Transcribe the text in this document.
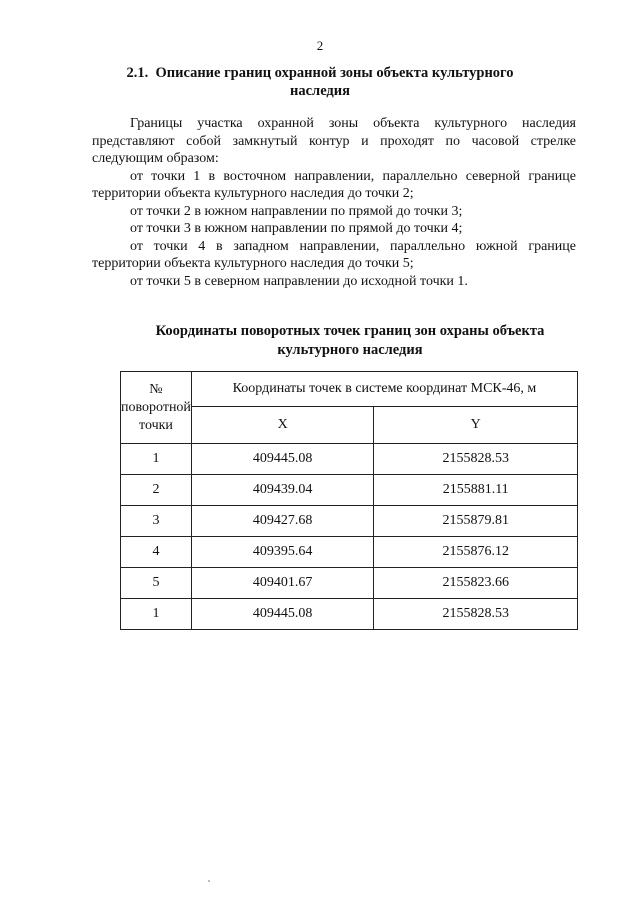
2
2.1. Описание границ охранной зоны объекта культурного
наследия
Границы участка охранной зоны объекта культурного наследия
представляют собой замкнутый контур и проходят по часовой стрелке
следующим образом:
от точки 1 в восточном направлении, параллельно северной границе
территории объекта культурного наследия до точки 2;
от точки 2 в южном направлении по прямой до точки 3;
от точки 3 в южном направлении по прямой до точки 4;
от точки 4 в западном направлении, параллельно южной границе
территории объекта культурного наследия до точки 5;
от точки 5 в северном направлении до исходной точки 1.
Координаты поворотных точек границ зон охраны объекта
культурного наследия
№
поворотной
точки	Координаты точек в системе координат МСК-46, м	
	X	Y
1	409445.08	2155828.53
2	409439.04	2155881.11
3	409427.68	2155879.81
4	409395.64	2155876.12
5	409401.67	2155823.66
1	409445.08	2155828.53
